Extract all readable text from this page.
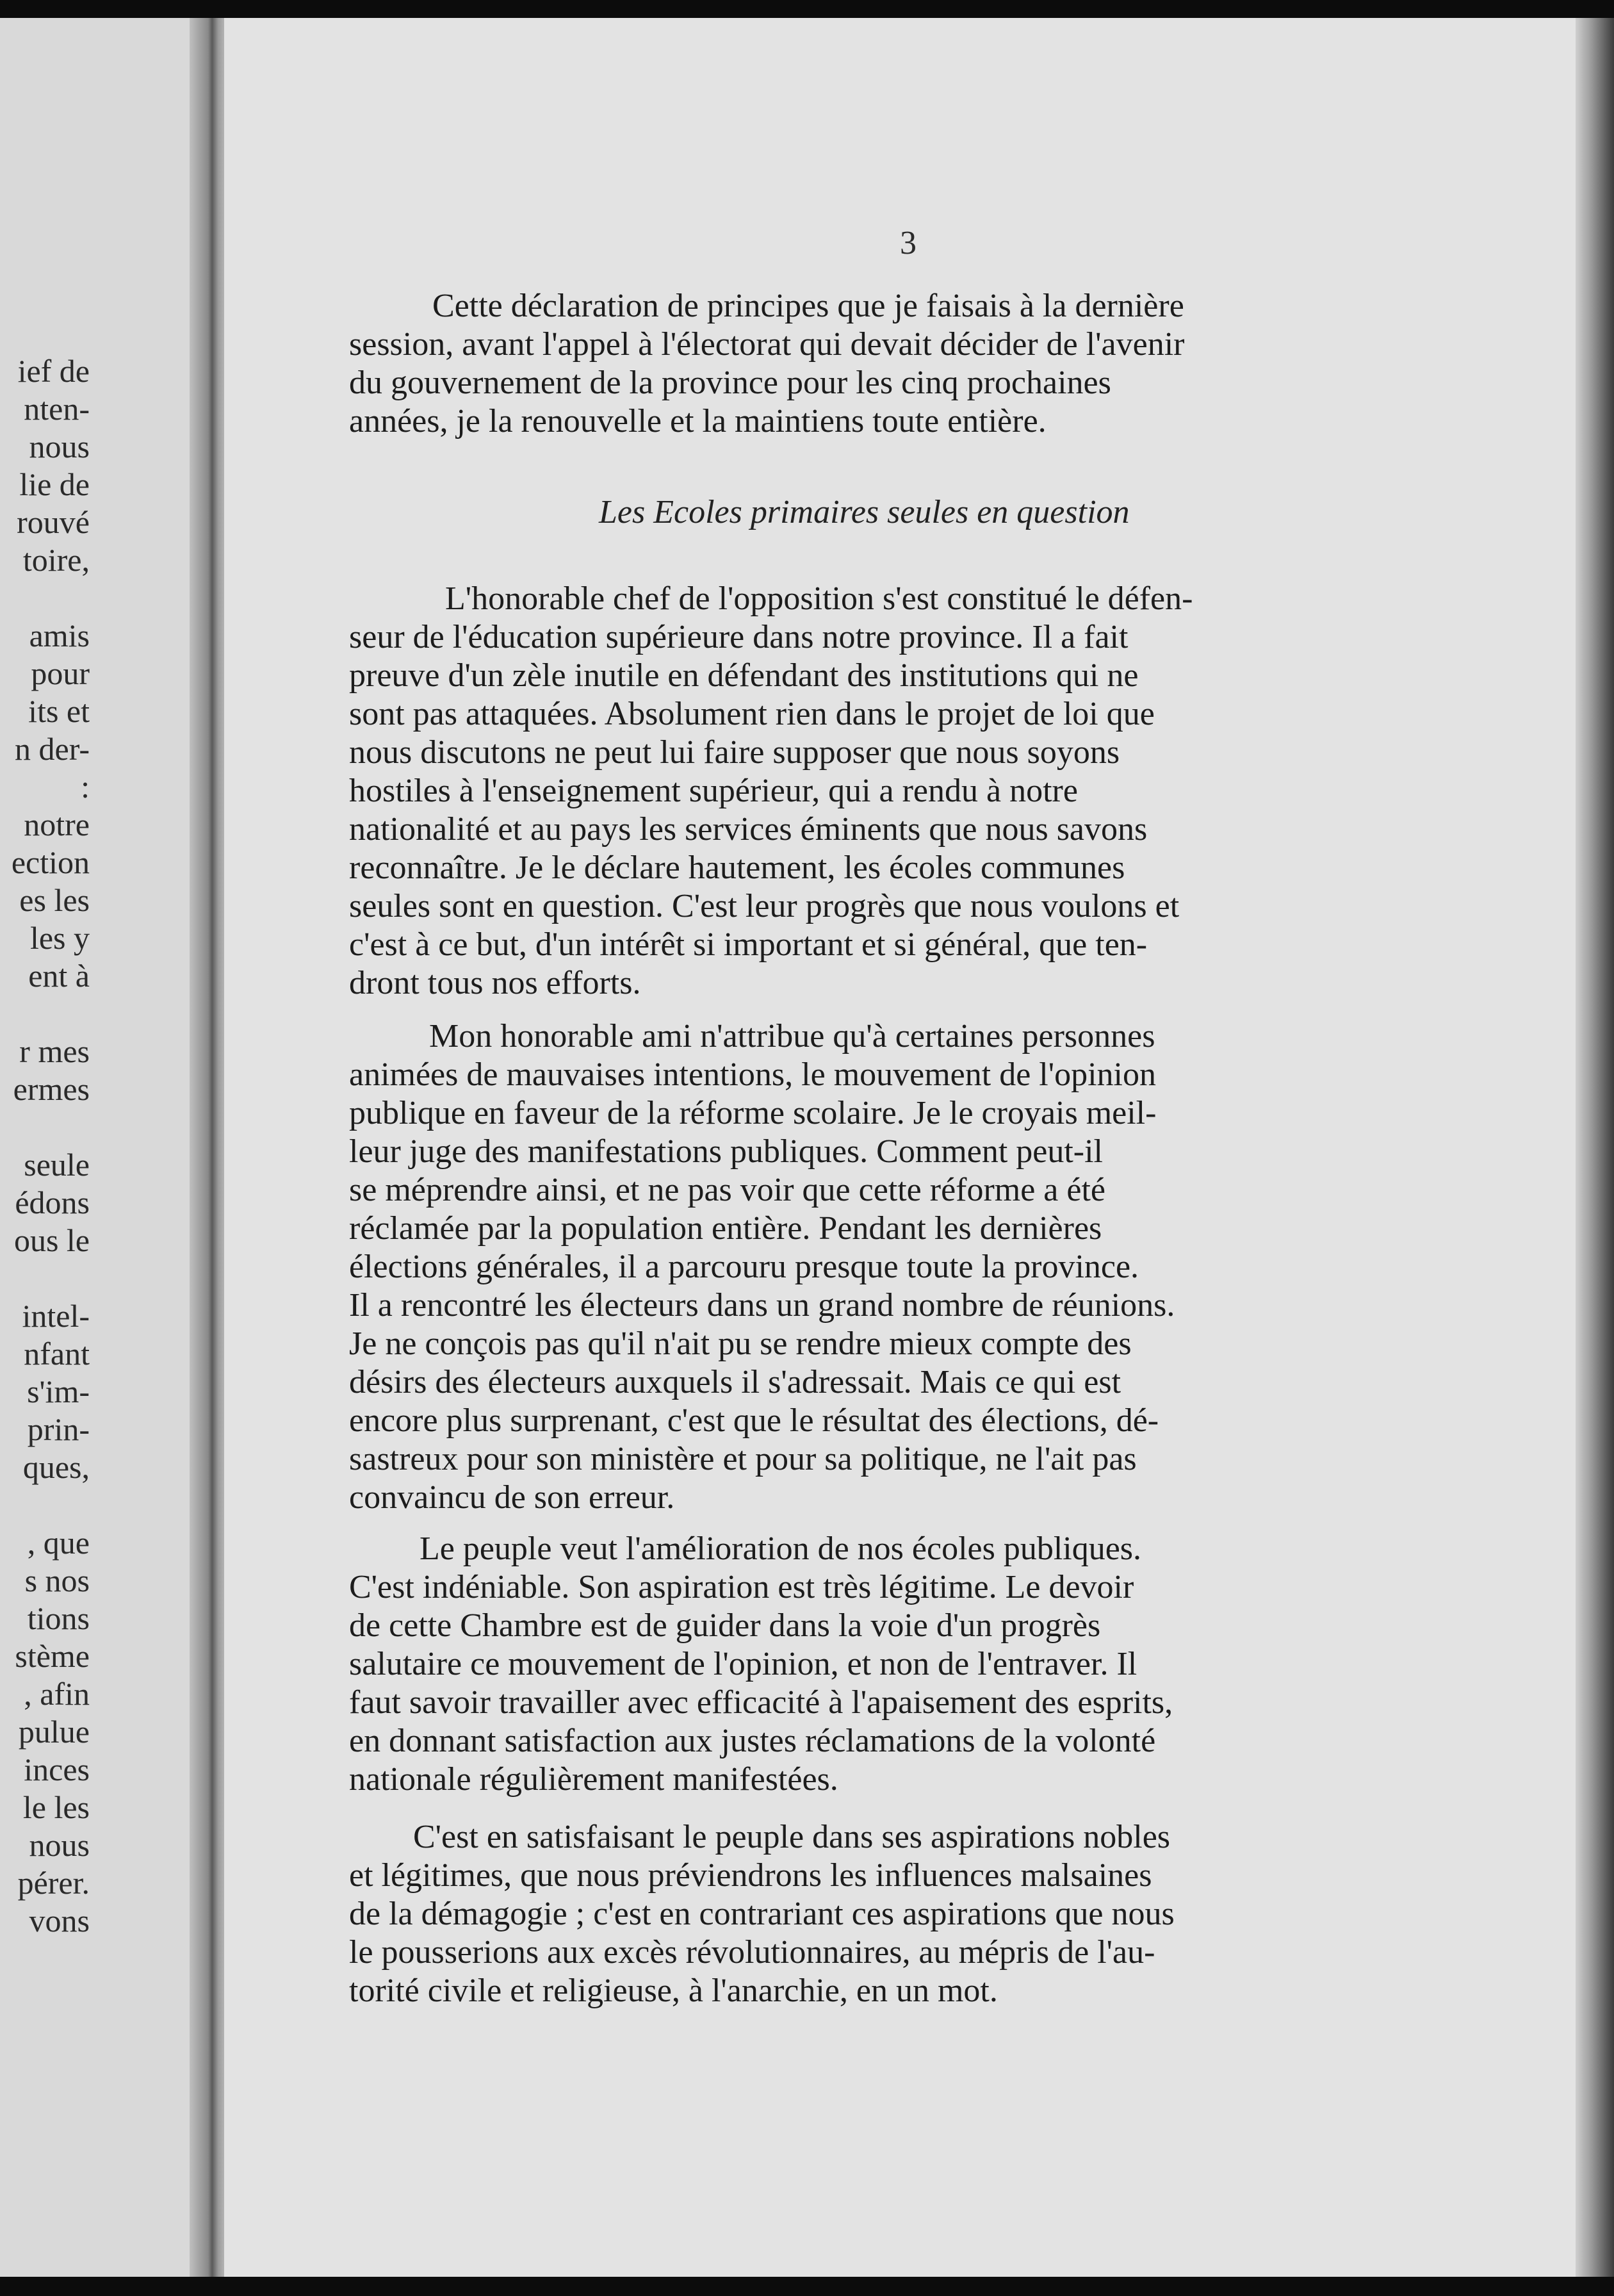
ief de
nten-
nous
lie de
rouvé
toire,
amis
pour
its et
n der-
:
notre
ection
es les
les y
ent à
r mes
ermes
seule
édons
ous le
intel-
nfant
s'im-
prin-
ques,
, que
s nos
tions
stème
, afin
pulue
inces
le les
nous
pérer.
vons
3
Cette déclaration de principes que je faisais à la dernière
session, avant l'appel à l'électorat qui devait décider de l'avenir
du gouvernement de la province pour les cinq prochaines
années, je la renouvelle et la maintiens toute entière.
Les Ecoles primaires seules en question
L'honorable chef de l'opposition s'est constitué le défen-
seur de l'éducation supérieure dans notre province. Il a fait
preuve d'un zèle inutile en défendant des institutions qui ne
sont pas attaquées. Absolument rien dans le projet de loi que
nous discutons ne peut lui faire supposer que nous soyons
hostiles à l'enseignement supérieur, qui a rendu à notre
nationalité et au pays les services éminents que nous savons
reconnaître. Je le déclare hautement, les écoles communes
seules sont en question. C'est leur progrès que nous voulons et
c'est à ce but, d'un intérêt si important et si général, que ten-
dront tous nos efforts.
Mon honorable ami n'attribue qu'à certaines personnes
animées de mauvaises intentions, le mouvement de l'opinion
publique en faveur de la réforme scolaire. Je le croyais meil-
leur juge des manifestations publiques. Comment peut-il
se méprendre ainsi, et ne pas voir que cette réforme a été
réclamée par la population entière. Pendant les dernières
élections générales, il a parcouru presque toute la province.
Il a rencontré les électeurs dans un grand nombre de réunions.
Je ne conçois pas qu'il n'ait pu se rendre mieux compte des
désirs des électeurs auxquels il s'adressait. Mais ce qui est
encore plus surprenant, c'est que le résultat des élections, dé-
sastreux pour son ministère et pour sa politique, ne l'ait pas
convaincu de son erreur.
Le peuple veut l'amélioration de nos écoles publiques.
C'est indéniable. Son aspiration est très légitime. Le devoir
de cette Chambre est de guider dans la voie d'un progrès
salutaire ce mouvement de l'opinion, et non de l'entraver. Il
faut savoir travailler avec efficacité à l'apaisement des esprits,
en donnant satisfaction aux justes réclamations de la volonté
nationale régulièrement manifestées.
C'est en satisfaisant le peuple dans ses aspirations nobles
et légitimes, que nous préviendrons les influences malsaines
de la démagogie ; c'est en contrariant ces aspirations que nous
le pousserions aux excès révolutionnaires, au mépris de l'au-
torité civile et religieuse, à l'anarchie, en un mot.
